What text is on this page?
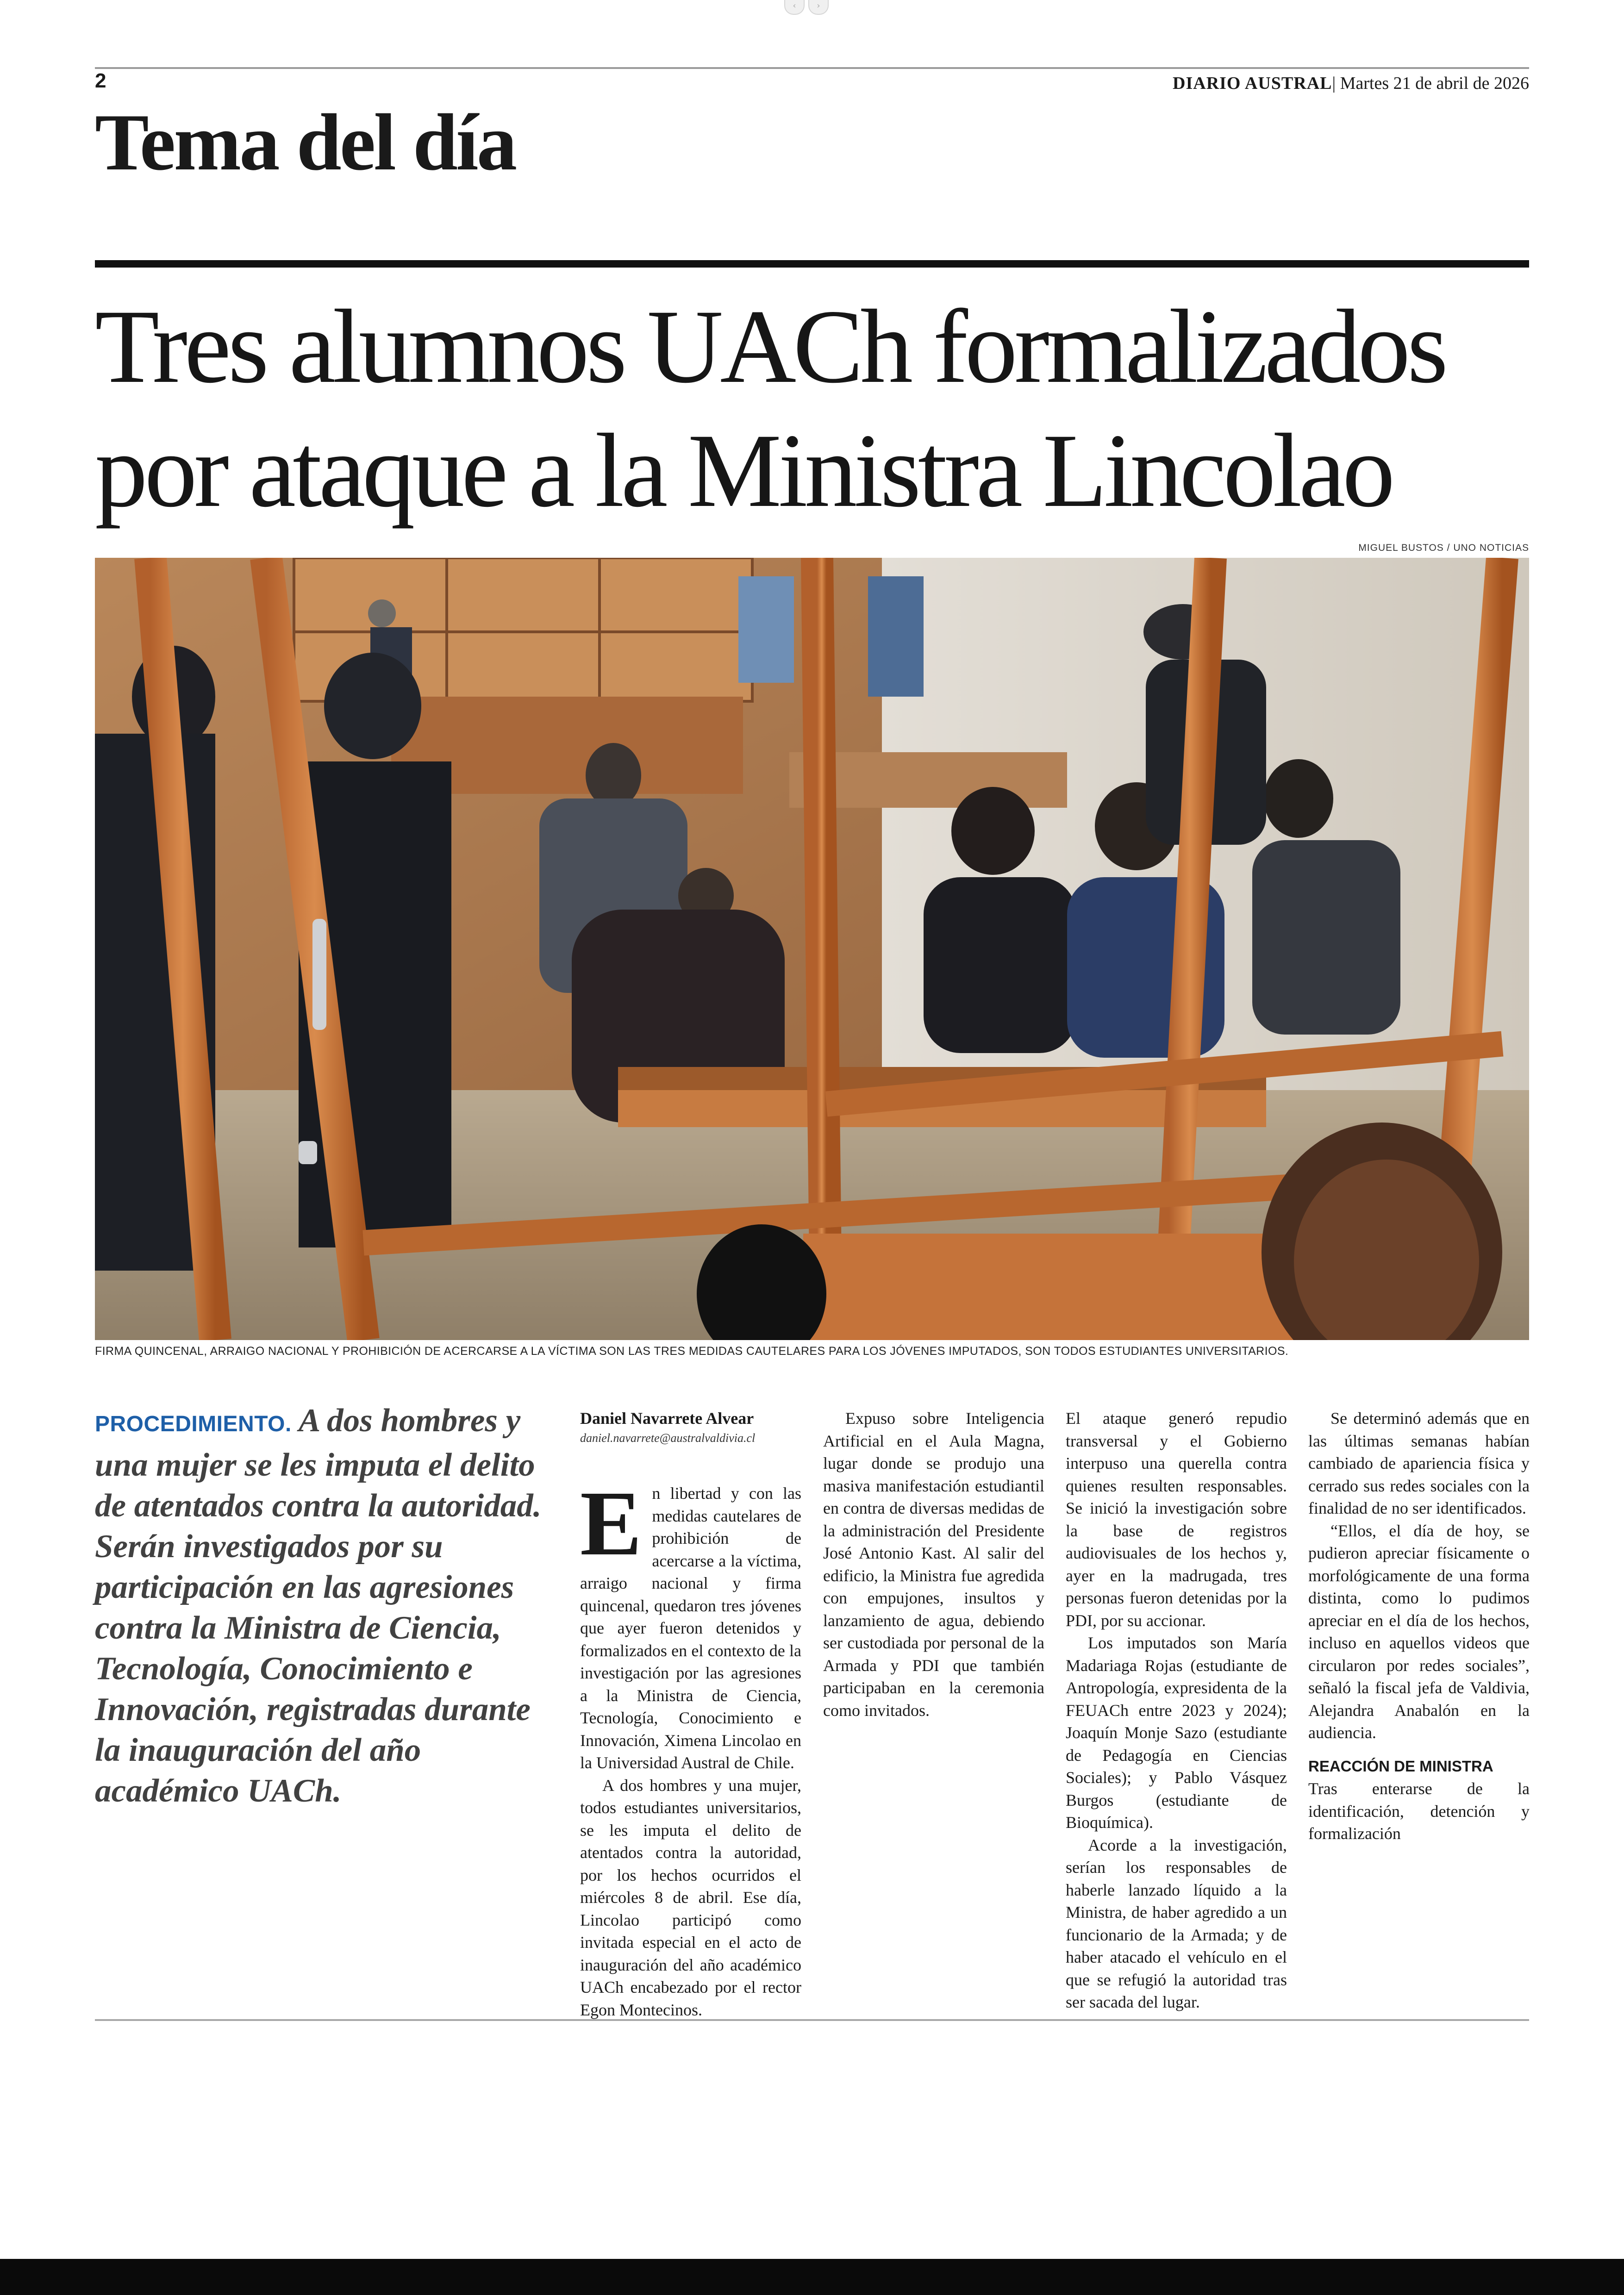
‹	›
2	DIARIO AUSTRAL| Martes 21 de abril de 2026
Tema del día
Tres alumnos UACh formalizados
por ataque a la Ministra Lincolao
MIGUEL BUSTOS / UNO NOTICIAS
FIRMA QUINCENAL, ARRAIGO NACIONAL Y PROHIBICIÓN DE ACERCARSE A LA VÍCTIMA SON LAS TRES MEDIDAS CAUTELARES PARA LOS JÓVENES IMPUTADOS, SON TODOS ESTUDIANTES UNIVERSITARIOS.
PROCEDIMIENTO. A dos hombres y una mujer se les imputa el delito de atentados contra la autoridad. Serán investigados por su participación en las agresiones contra la Ministra de Ciencia, Tecnología, Conocimiento e Innovación, registradas durante la inauguración del año académico UACh.
Daniel Navarrete Alvear
daniel.navarrete@australvaldivia.cl

En libertad y con las medidas cautelares de prohibición de acercarse a la víctima, arraigo nacional y firma quincenal, quedaron tres jóvenes que ayer fueron detenidos y formalizados en el contexto de la investigación por las agresiones a la Ministra de Ciencia, Tecnología, Conocimiento e Innovación, Ximena Lincolao en la Universidad Austral de Chile.

A dos hombres y una mujer, todos estudiantes universitarios, se les imputa el delito de atentados contra la autoridad, por los hechos ocurridos el miércoles 8 de abril. Ese día, Lincolao participó como invitada especial en el acto de inauguración del año académico UACh encabezado por el rector Egon Montecinos.

Expuso sobre Inteligencia Artificial en el Aula Magna, lugar donde se produjo una masiva manifestación estudiantil en contra de diversas medidas de la administración del Presidente José Antonio Kast. Al salir del edificio, la Ministra fue agredida con empujones, insultos y lanzamiento de agua, debiendo ser custodiada por personal de la Armada y PDI que también participaban en la ceremonia como invitados.

El ataque generó repudio transversal y el Gobierno interpuso una querella contra quienes resulten responsables. Se inició la investigación sobre la base de registros audiovisuales de los hechos y, ayer en la madrugada, tres personas fueron detenidas por la PDI, por su accionar.

Los imputados son María Madariaga Rojas (estudiante de Antropología, expresidenta de la FEUACh entre 2023 y 2024); Joaquín Monje Sazo (estudiante de Pedagogía en Ciencias Sociales); y Pablo Vásquez Burgos (estudiante de Bioquímica).

Acorde a la investigación, serían los responsables de haberle lanzado líquido a la Ministra, de haber agredido a un funcionario de la Armada; y de haber atacado el vehículo en el que se refugió la autoridad tras ser sacada del lugar.

Se determinó además que en las últimas semanas habían cambiado de apariencia física y cerrado sus redes sociales con la finalidad de no ser identificados.

“Ellos, el día de hoy, se pudieron apreciar físicamente o morfológicamente de una forma distinta, como lo pudimos apreciar en el día de los hechos, incluso en aquellos videos que circularon por redes sociales”, señaló la fiscal jefa de Valdivia, Alejandra Anabalón en la audiencia.

REACCIÓN DE MINISTRA

Tras enterarse de la identificación, detención y formalización
